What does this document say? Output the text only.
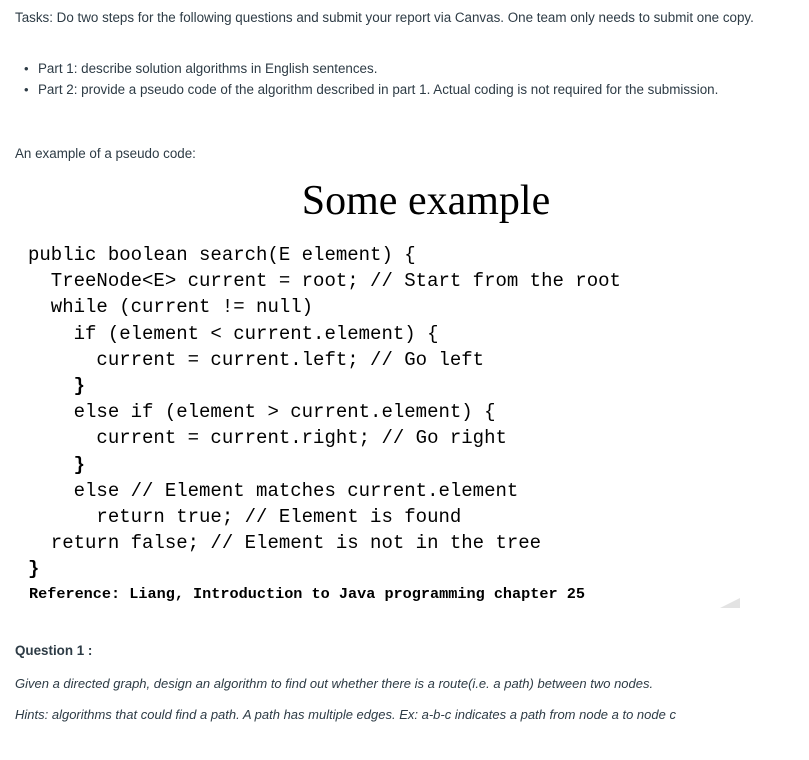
Tasks: Do two steps for the following questions and submit your report via Canvas. One team only needs to submit one copy.
• Part 1: describe solution algorithms in English sentences.
• Part 2: provide a pseudo code of the algorithm described in part 1. Actual coding is not required for the submission.
An example of a pseudo code:
Some example
public boolean search(E element) {
TreeNode<E> current = root; // Start from the root
while (current != null)
if (element < current.element) {
current = current.left; // Go left
}
else if (element > current.element) {
current = current.right; // Go right
}
else // Element matches current.element
return true; // Element is found
return false; // Element is not in the tree
}
Reference: Liang, Introduction to Java programming chapter 25
Question 1 :
Given a directed graph, design an algorithm to find out whether there is a route(i.e. a path) between two nodes.
Hints: algorithms that could find a path. A path has multiple edges. Ex: a-b-c indicates a path from node a to node c
